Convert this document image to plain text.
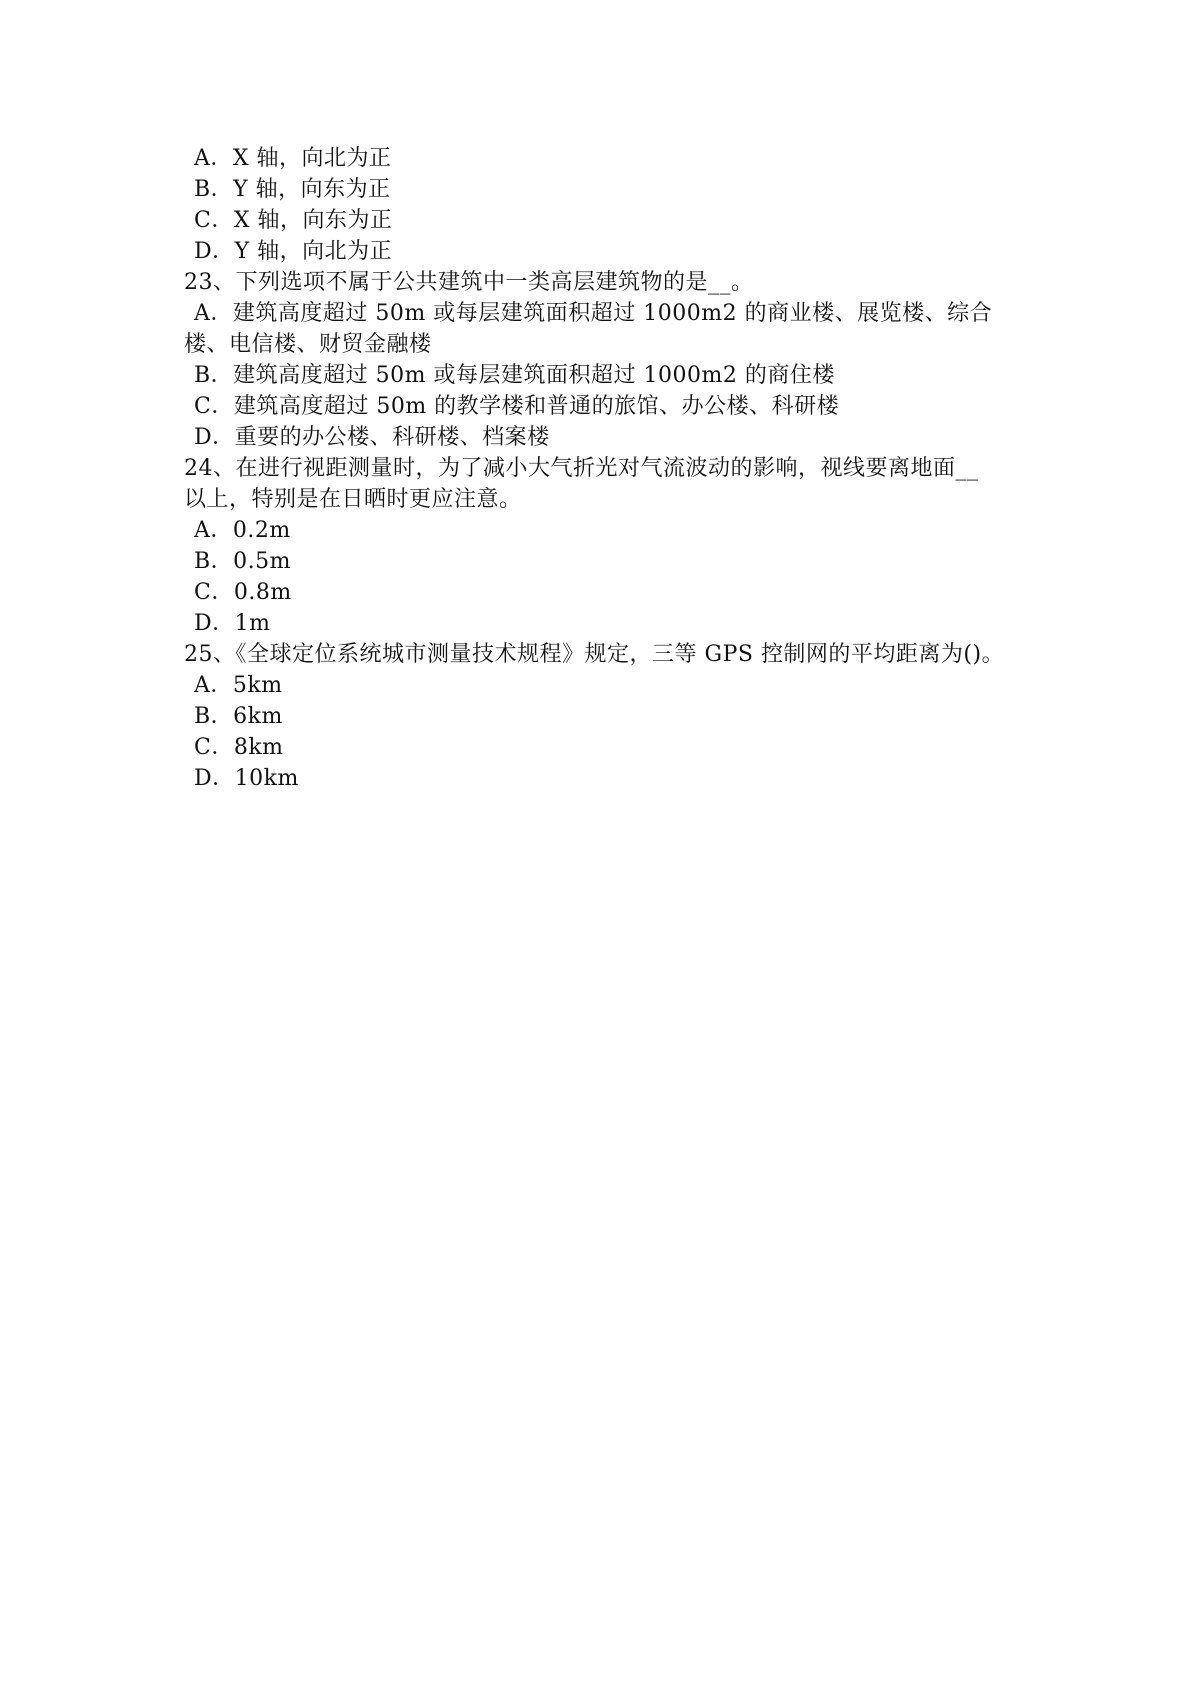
A．X 轴，向北为正
B．Y 轴，向东为正
C．X 轴，向东为正
D．Y 轴，向北为正
23、下列选项不属于公共建筑中一类高层建筑物的是__。
A．建筑高度超过 50m 或每层建筑面积超过 1000m2 的商业楼、展览楼、综合
楼、电信楼、财贸金融楼
B．建筑高度超过 50m 或每层建筑面积超过 1000m2 的商住楼
C．建筑高度超过 50m 的教学楼和普通的旅馆、办公楼、科研楼
D．重要的办公楼、科研楼、档案楼
24、在进行视距测量时，为了减小大气折光对气流波动的影响，视线要离地面__
以上，特别是在日晒时更应注意。
A．0.2m
B．0.5m
C．0.8m
D．1m
25、《全球定位系统城市测量技术规程》规定，三等 GPS 控制网的平均距离为()。
A．5km
B．6km
C．8km
D．10km
